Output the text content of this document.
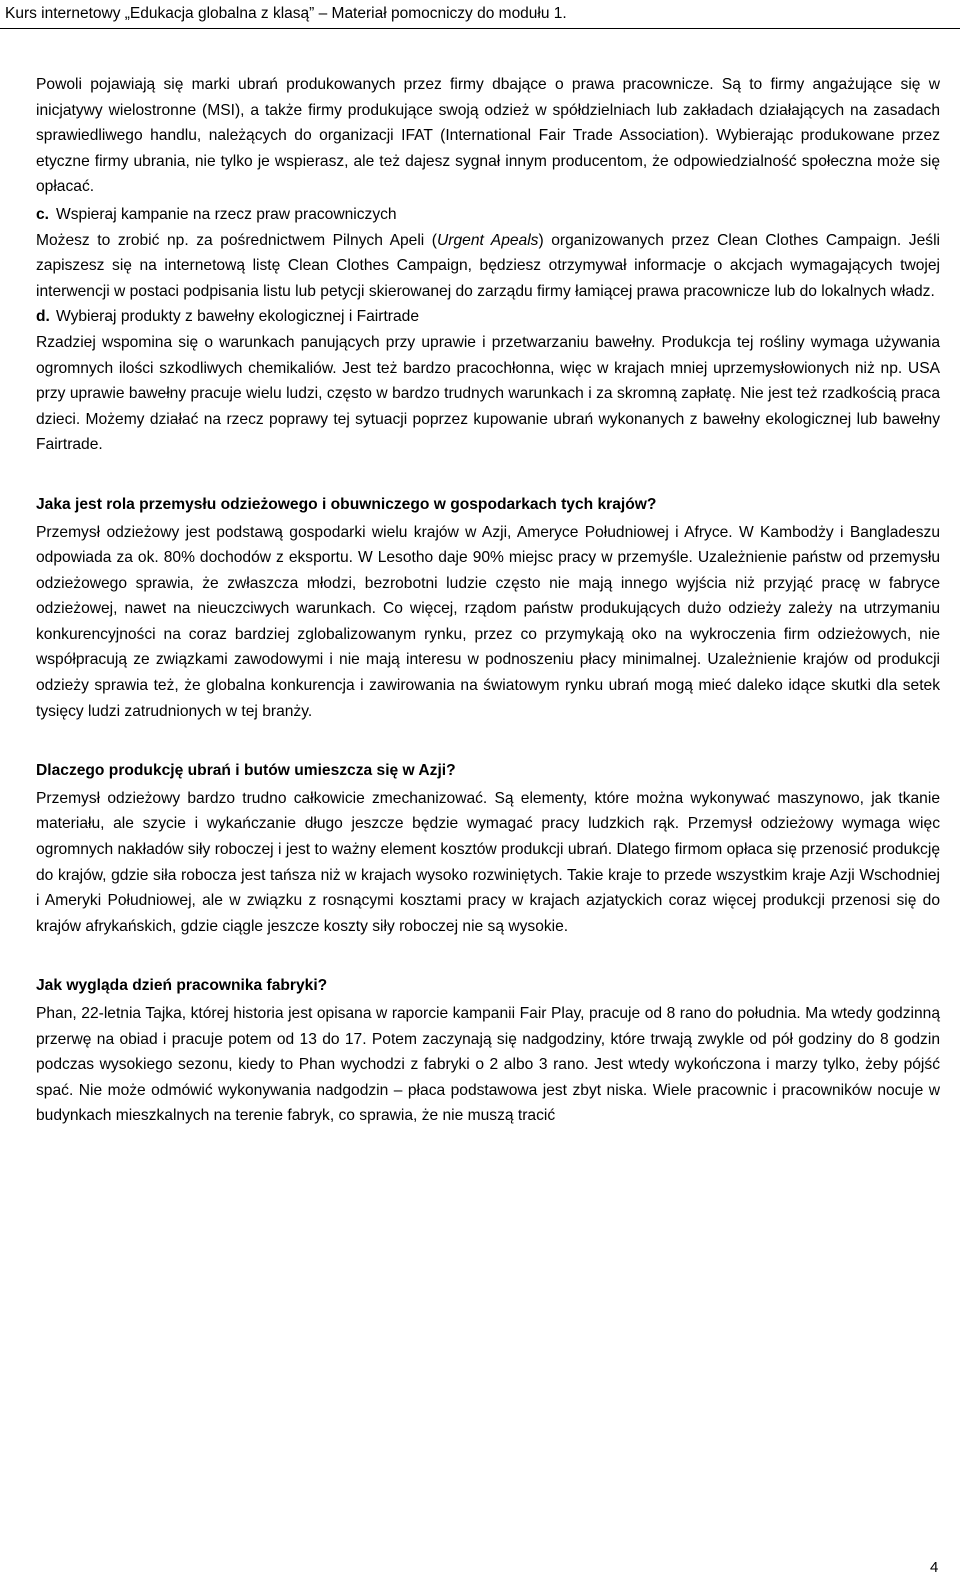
Kurs internetowy „Edukacja globalna z klasą” – Materiał pomocniczy do modułu 1.

Powoli pojawiają się marki ubrań produkowanych przez firmy dbające o prawa pracownicze. Są to firmy angażujące się w inicjatywy wielostronne (MSI), a także firmy produkujące swoją odzież w spółdzielniach lub zakładach działających na zasadach sprawiedliwego handlu, należących do organizacji IFAT (International Fair Trade Association). Wybierając produkowane przez etyczne firmy ubrania, nie tylko je wspierasz, ale też dajesz sygnał innym producentom, że odpowiedzialność społeczna może się opłacać.

c. Wspieraj kampanie na rzecz praw pracowniczych

Możesz to zrobić np. za pośrednictwem Pilnych Apeli (Urgent Apeals) organizowanych przez Clean Clothes Campaign. Jeśli zapiszesz się na internetową listę Clean Clothes Campaign, będziesz otrzymywał informacje o akcjach wymagających twojej interwencji w postaci podpisania listu lub petycji skierowanej do zarządu firmy łamiącej prawa pracownicze lub do lokalnych władz.

d. Wybieraj produkty z bawełny ekologicznej i Fairtrade

Rzadziej wspomina się o warunkach panujących przy uprawie i przetwarzaniu bawełny. Produkcja tej rośliny wymaga używania ogromnych ilości szkodliwych chemikaliów. Jest też bardzo pracochłonna, więc w krajach mniej uprzemysłowionych niż np. USA przy uprawie bawełny pracuje wielu ludzi, często w bardzo trudnych warunkach i za skromną zapłatę. Nie jest też rzadkością praca dzieci. Możemy działać na rzecz poprawy tej sytuacji poprzez kupowanie ubrań wykonanych z bawełny ekologicznej lub bawełny Fairtrade.

Jaka jest rola przemysłu odzieżowego i obuwniczego w gospodarkach tych krajów?

Przemysł odzieżowy jest podstawą gospodarki wielu krajów w Azji, Ameryce Południowej i Afryce. W Kambodży i Bangladeszu odpowiada za ok. 80% dochodów z eksportu. W Lesotho daje 90% miejsc pracy w przemyśle. Uzależnienie państw od przemysłu odzieżowego sprawia, że zwłaszcza młodzi, bezrobotni ludzie często nie mają innego wyjścia niż przyjąć pracę w fabryce odzieżowej, nawet na nieuczciwych warunkach. Co więcej, rządom państw produkujących dużo odzieży zależy na utrzymaniu konkurencyjności na coraz bardziej zglobalizowanym rynku, przez co przymykają oko na wykroczenia firm odzieżowych, nie współpracują ze związkami zawodowymi i nie mają interesu w podnoszeniu płacy minimalnej. Uzależnienie krajów od produkcji odzieży sprawia też, że globalna konkurencja i zawirowania na światowym rynku ubrań mogą mieć daleko idące skutki dla setek tysięcy ludzi zatrudnionych w tej branży.

Dlaczego produkcję ubrań i butów umieszcza się w Azji?

Przemysł odzieżowy bardzo trudno całkowicie zmechanizować. Są elementy, które można wykonywać maszynowo, jak tkanie materiału, ale szycie i wykańczanie długo jeszcze będzie wymagać pracy ludzkich rąk. Przemysł odzieżowy wymaga więc ogromnych nakładów siły roboczej i jest to ważny element kosztów produkcji ubrań. Dlatego firmom opłaca się przenosić produkcję do krajów, gdzie siła robocza jest tańsza niż w krajach wysoko rozwiniętych. Takie kraje to przede wszystkim kraje Azji Wschodniej i Ameryki Południowej, ale w związku z rosnącymi kosztami pracy w krajach azjatyckich coraz więcej produkcji przenosi się do krajów afrykańskich, gdzie ciągle jeszcze koszty siły roboczej nie są wysokie.

Jak wygląda dzień pracownika fabryki?

Phan, 22-letnia Tajka, której historia jest opisana w raporcie kampanii Fair Play, pracuje od 8 rano do południa. Ma wtedy godzinną przerwę na obiad i pracuje potem od 13 do 17. Potem zaczynają się nadgodziny, które trwają zwykle od pół godziny do 8 godzin podczas wysokiego sezonu, kiedy to Phan wychodzi z fabryki o 2 albo 3 rano. Jest wtedy wykończona i marzy tylko, żeby pójść spać. Nie może odmówić wykonywania nadgodzin – płaca podstawowa jest zbyt niska. Wiele pracownic i pracowników nocuje w budynkach mieszkalnych na terenie fabryk, co sprawia, że nie muszą tracić

4
